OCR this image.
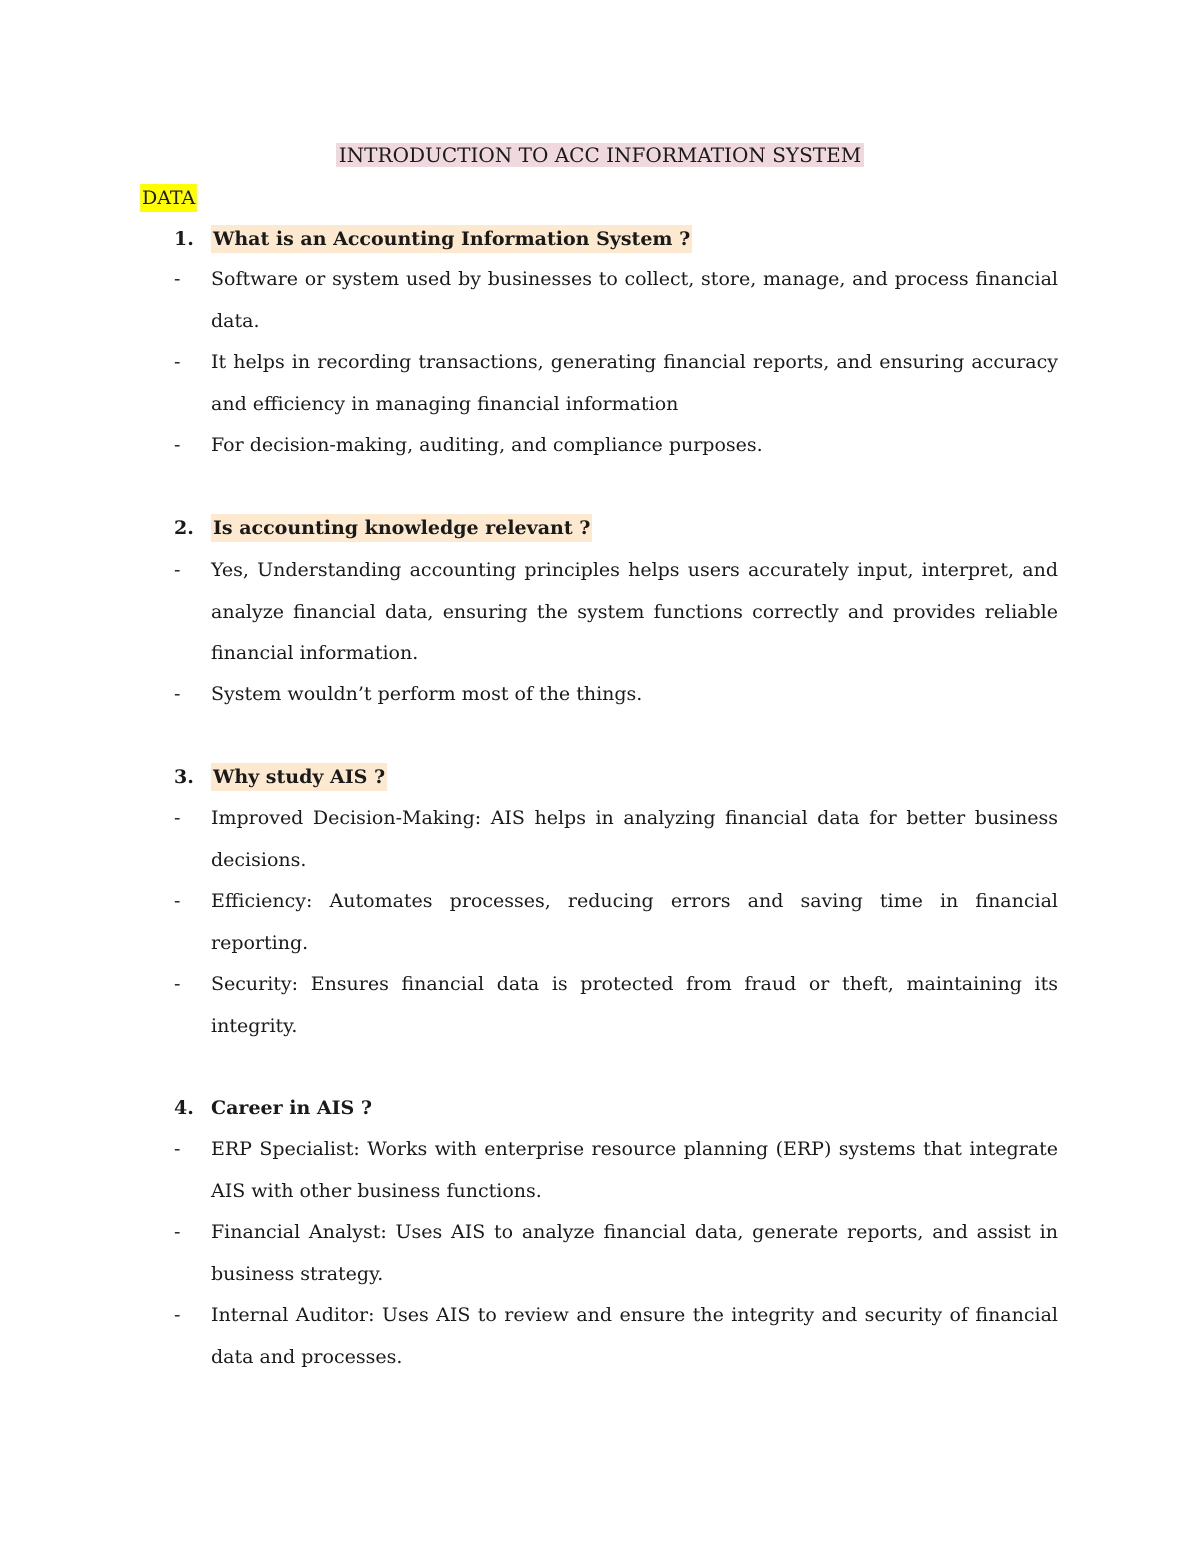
INTRODUCTION TO ACC INFORMATION SYSTEM
DATA
1. What is an Accounting Information System ?
- Software or system used by businesses to collect, store, manage, and process financial data.
- It helps in recording transactions, generating financial reports, and ensuring accuracy and efficiency in managing financial information
- For decision-making, auditing, and compliance purposes.
2. Is accounting knowledge relevant ?
- Yes, Understanding accounting principles helps users accurately input, interpret, and analyze financial data, ensuring the system functions correctly and provides reliable financial information.
- System wouldn’t perform most of the things.
3. Why study AIS ?
- Improved Decision-Making: AIS helps in analyzing financial data for better business decisions.
- Efficiency: Automates processes, reducing errors and saving time in financial reporting.
- Security: Ensures financial data is protected from fraud or theft, maintaining its integrity.
4. Career in AIS ?
- ERP Specialist: Works with enterprise resource planning (ERP) systems that integrate AIS with other business functions.
- Financial Analyst: Uses AIS to analyze financial data, generate reports, and assist in business strategy.
- Internal Auditor: Uses AIS to review and ensure the integrity and security of financial data and processes.
